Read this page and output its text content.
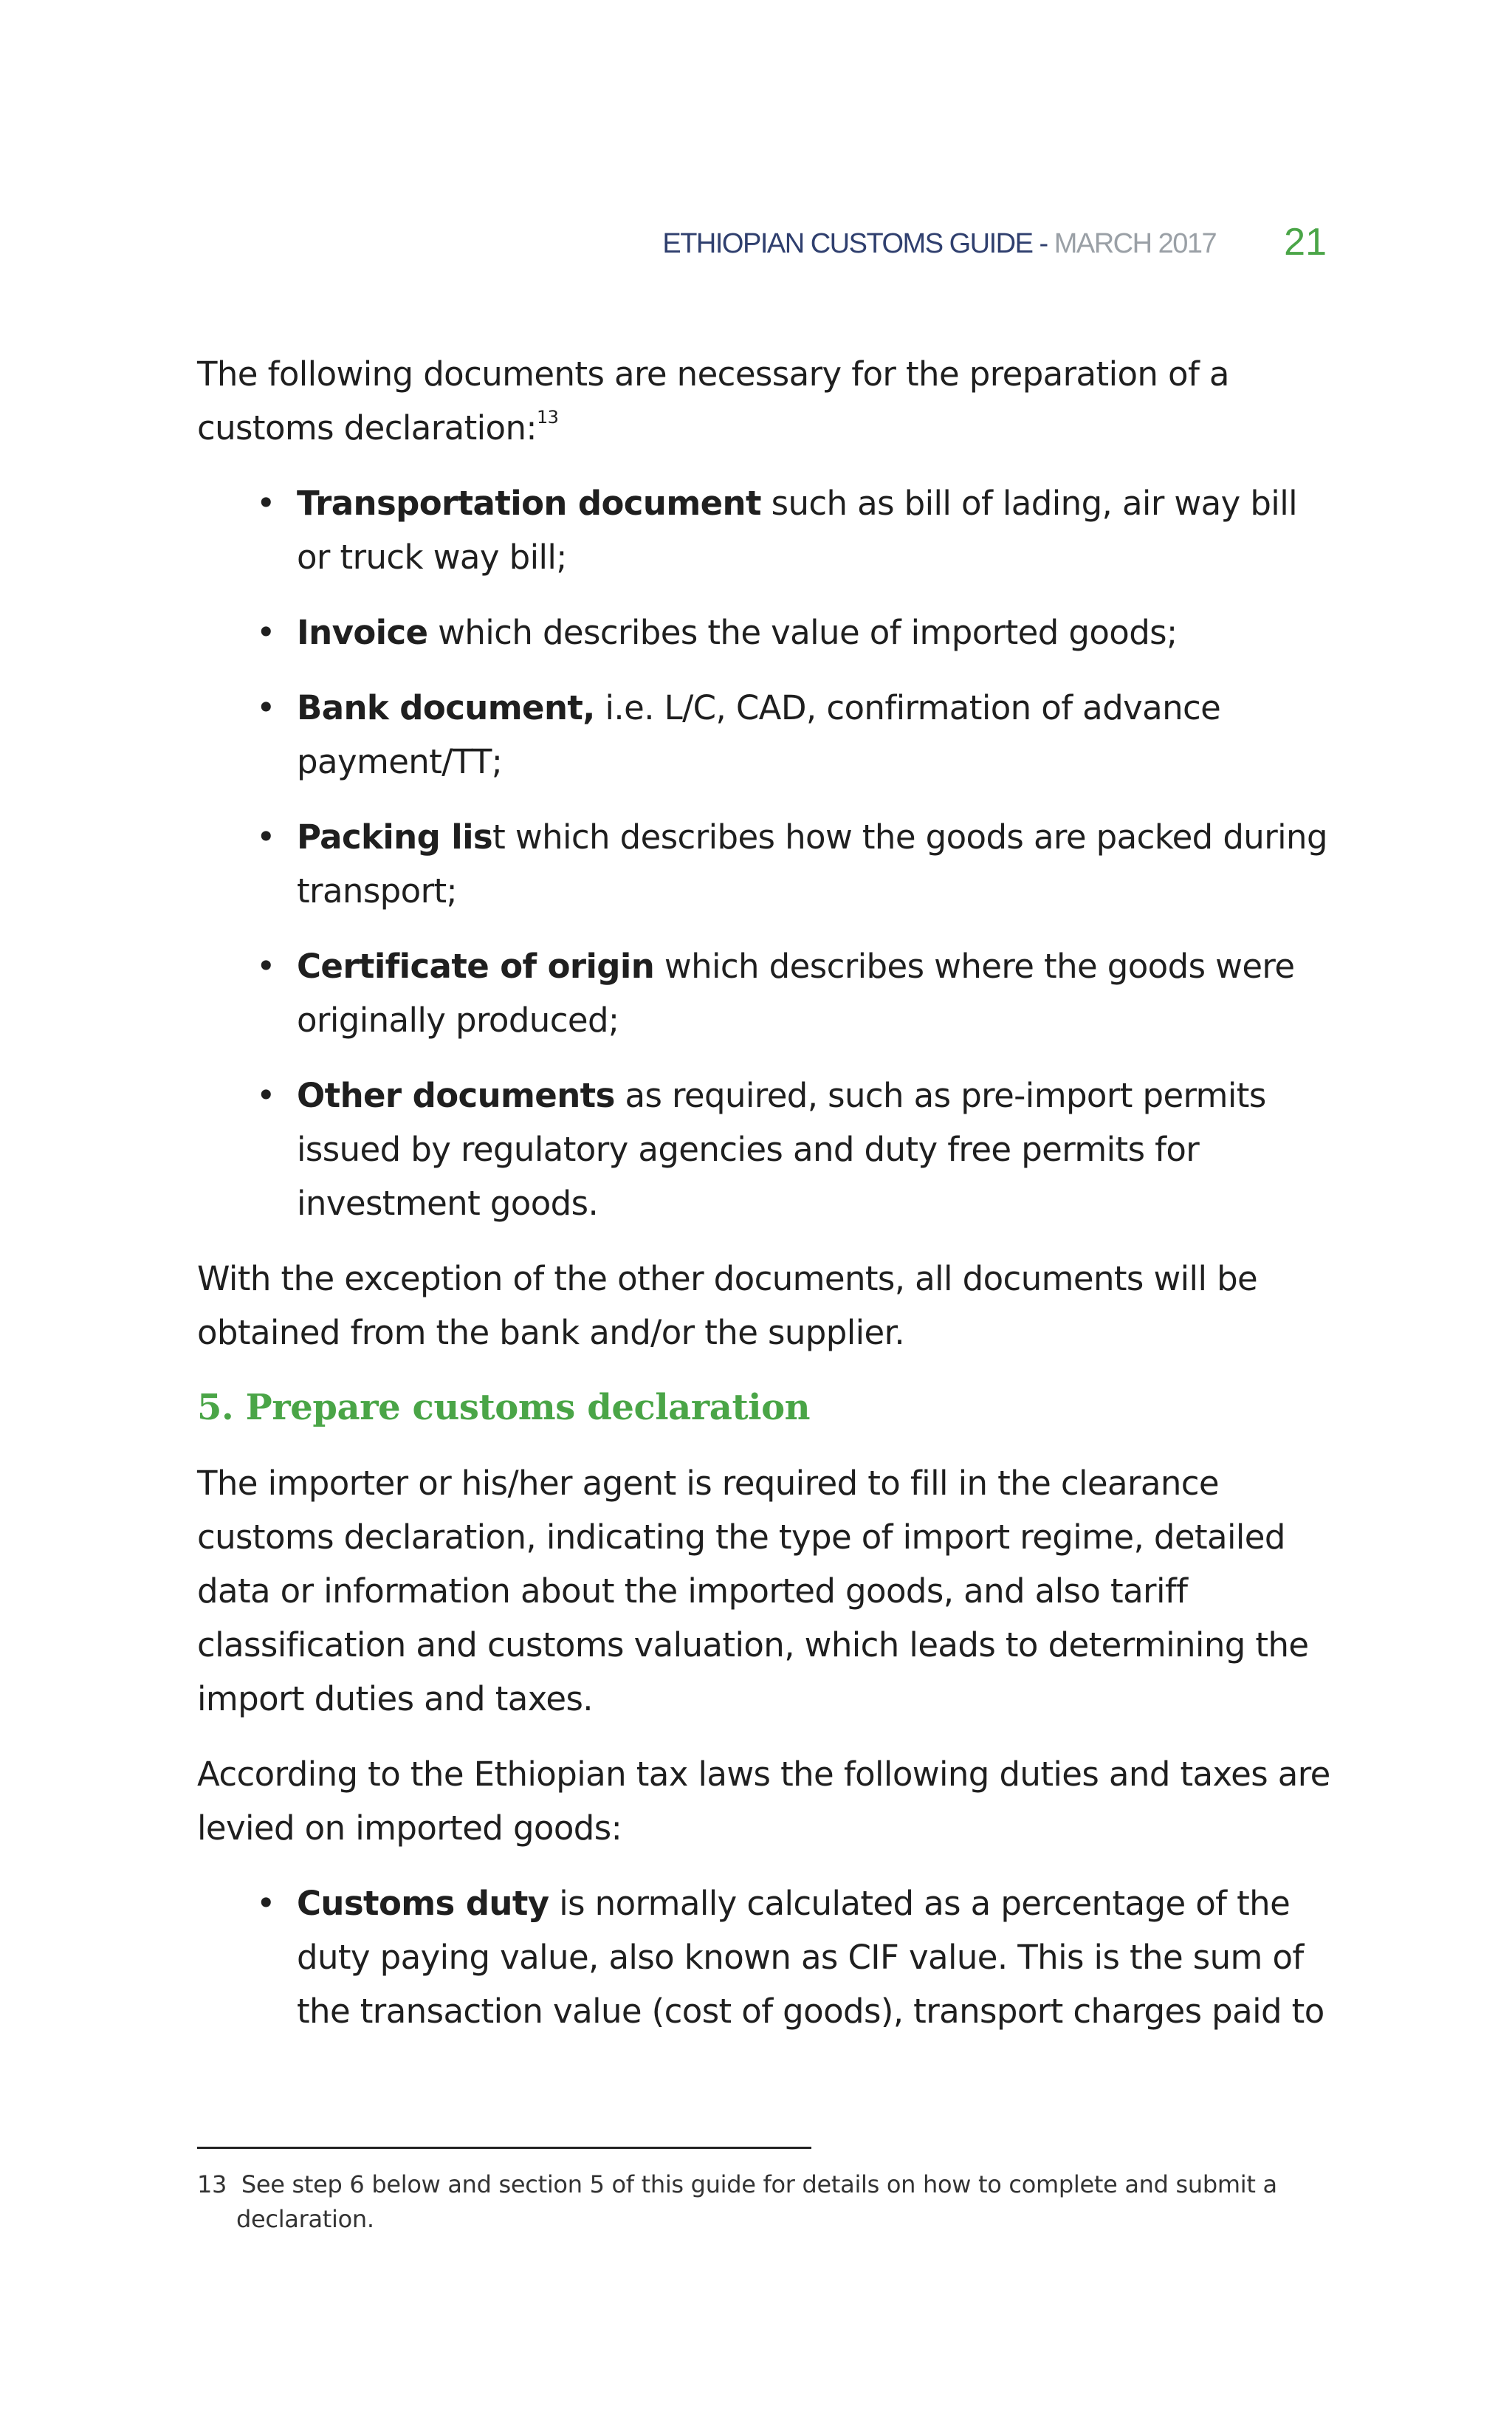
ETHIOPIAN CUSTOMS GUIDE - MARCH 2017 21

The following documents are necessary for the preparation of a customs declaration:$^{13}$

• Transportation document such as bill of lading, air way bill or truck way bill;
• Invoice which describes the value of imported goods;
• Bank document, i.e. L/C, CAD, confirmation of advance payment/TT;
• Packing list which describes how the goods are packed during transport;
• Certificate of origin which describes where the goods were originally produced;
• Other documents as required, such as pre-import permits issued by regulatory agencies and duty free permits for investment goods.

With the exception of the other documents, all documents will be obtained from the bank and/or the supplier.

5. Prepare customs declaration

The importer or his/her agent is required to fill in the clearance customs declaration, indicating the type of import regime, detailed data or information about the imported goods, and also tariff classification and customs valuation, which leads to determining the import duties and taxes.

According to the Ethiopian tax laws the following duties and taxes are levied on imported goods:

• Customs duty is normally calculated as a percentage of the duty paying value, also known as CIF value. This is the sum of the transaction value (cost of goods), transport charges paid to
13 See step 6 below and section 5 of this guide for details on how to complete and submit a declaration.
